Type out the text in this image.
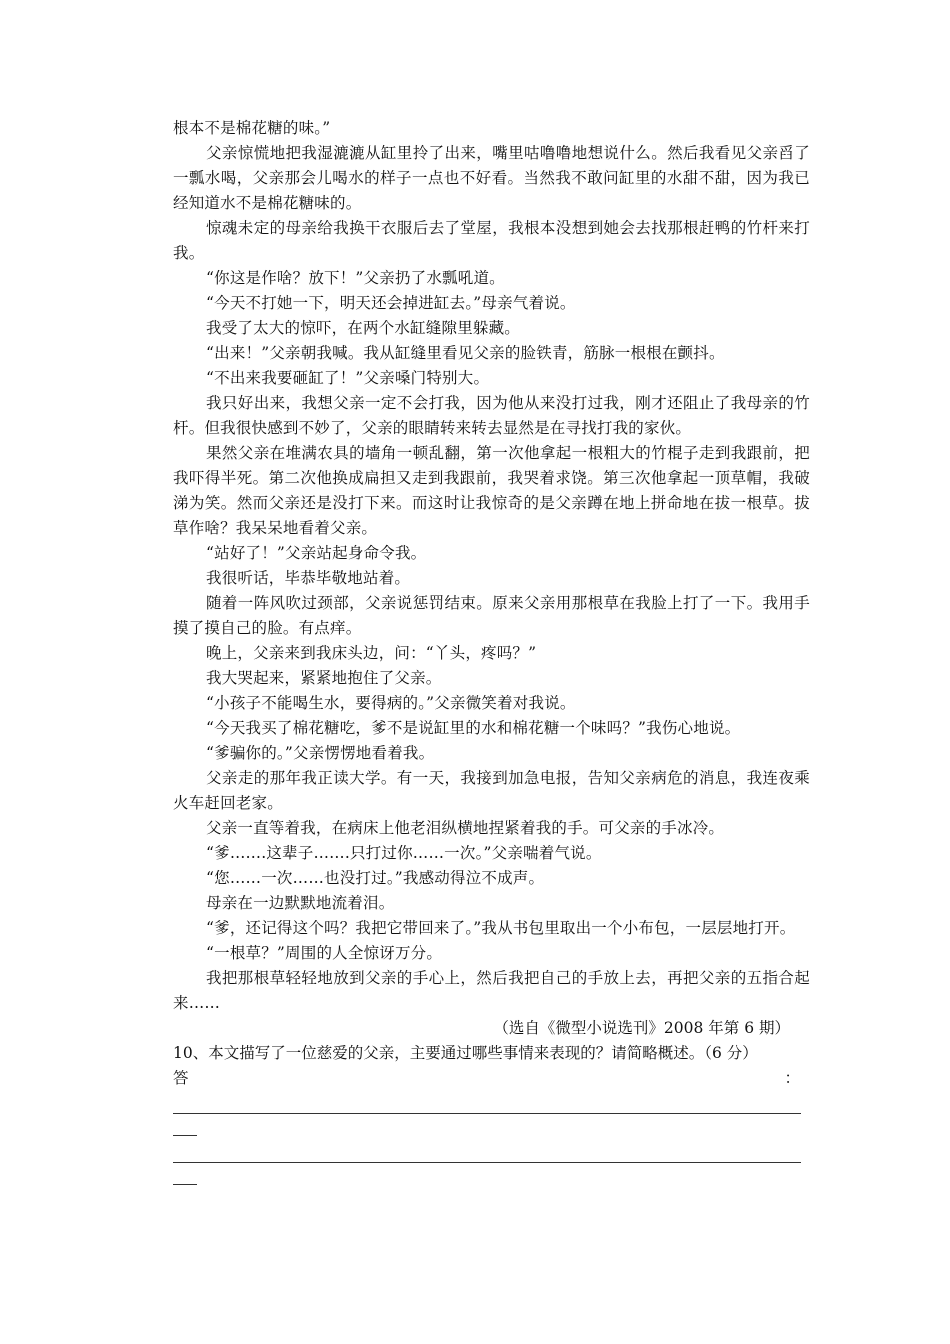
根本不是棉花糖的味。”

父亲惊慌地把我湿漉漉从缸里拎了出来，嘴里咕噜噜地想说什么。然后我看见父亲舀了一瓢水喝，父亲那会儿喝水的样子一点也不好看。当然我不敢问缸里的水甜不甜，因为我已经知道水不是棉花糖味的。

惊魂未定的母亲给我换干衣服后去了堂屋，我根本没想到她会去找那根赶鸭的竹杆来打我。

“你这是作啥？放下！”父亲扔了水瓢吼道。

“今天不打她一下，明天还会掉进缸去。”母亲气着说。

我受了太大的惊吓，在两个水缸缝隙里躲藏。

“出来！”父亲朝我喊。我从缸缝里看见父亲的脸铁青，筋脉一根根在颤抖。

“不出来我要砸缸了！”父亲嗓门特别大。

我只好出来，我想父亲一定不会打我，因为他从来没打过我，刚才还阻止了我母亲的竹杆。但我很快感到不妙了，父亲的眼睛转来转去显然是在寻找打我的家伙。

果然父亲在堆满农具的墙角一顿乱翻，第一次他拿起一根粗大的竹棍子走到我跟前，把我吓得半死。第二次他换成扁担又走到我跟前，我哭着求饶。第三次他拿起一顶草帽，我破涕为笑。然而父亲还是没打下来。而这时让我惊奇的是父亲蹲在地上拼命地在拔一根草。拔草作啥？我呆呆地看着父亲。

“站好了！”父亲站起身命令我。

我很听话，毕恭毕敬地站着。

随着一阵风吹过颈部，父亲说惩罚结束。原来父亲用那根草在我脸上打了一下。我用手摸了摸自己的脸。有点痒。

晚上，父亲来到我床头边，问：“丫头，疼吗？”

我大哭起来，紧紧地抱住了父亲。

“小孩子不能喝生水，要得病的。”父亲微笑着对我说。

“今天我买了棉花糖吃，爹不是说缸里的水和棉花糖一个味吗？”我伤心地说。

“爹骗你的。”父亲愣愣地看着我。

父亲走的那年我正读大学。有一天，我接到加急电报，告知父亲病危的消息，我连夜乘火车赶回老家。

父亲一直等着我，在病床上他老泪纵横地捏紧着我的手。可父亲的手冰冷。

“爹…….这辈子…….只打过你……一次。”父亲喘着气说。

“您……一次……也没打过。”我感动得泣不成声。

母亲在一边默默地流着泪。

“爹，还记得这个吗？我把它带回来了。”我从书包里取出一个小布包，一层层地打开。

“一根草？”周围的人全惊讶万分。

我把那根草轻轻地放到父亲的手心上，然后我把自己的手放上去，再把父亲的五指合起来……

（选自《微型小说选刊》2008 年第 6 期）
10、本文描写了一位慈爱的父亲，主要通过哪些事情来表现的？请简略概述。（6 分）
答	：
